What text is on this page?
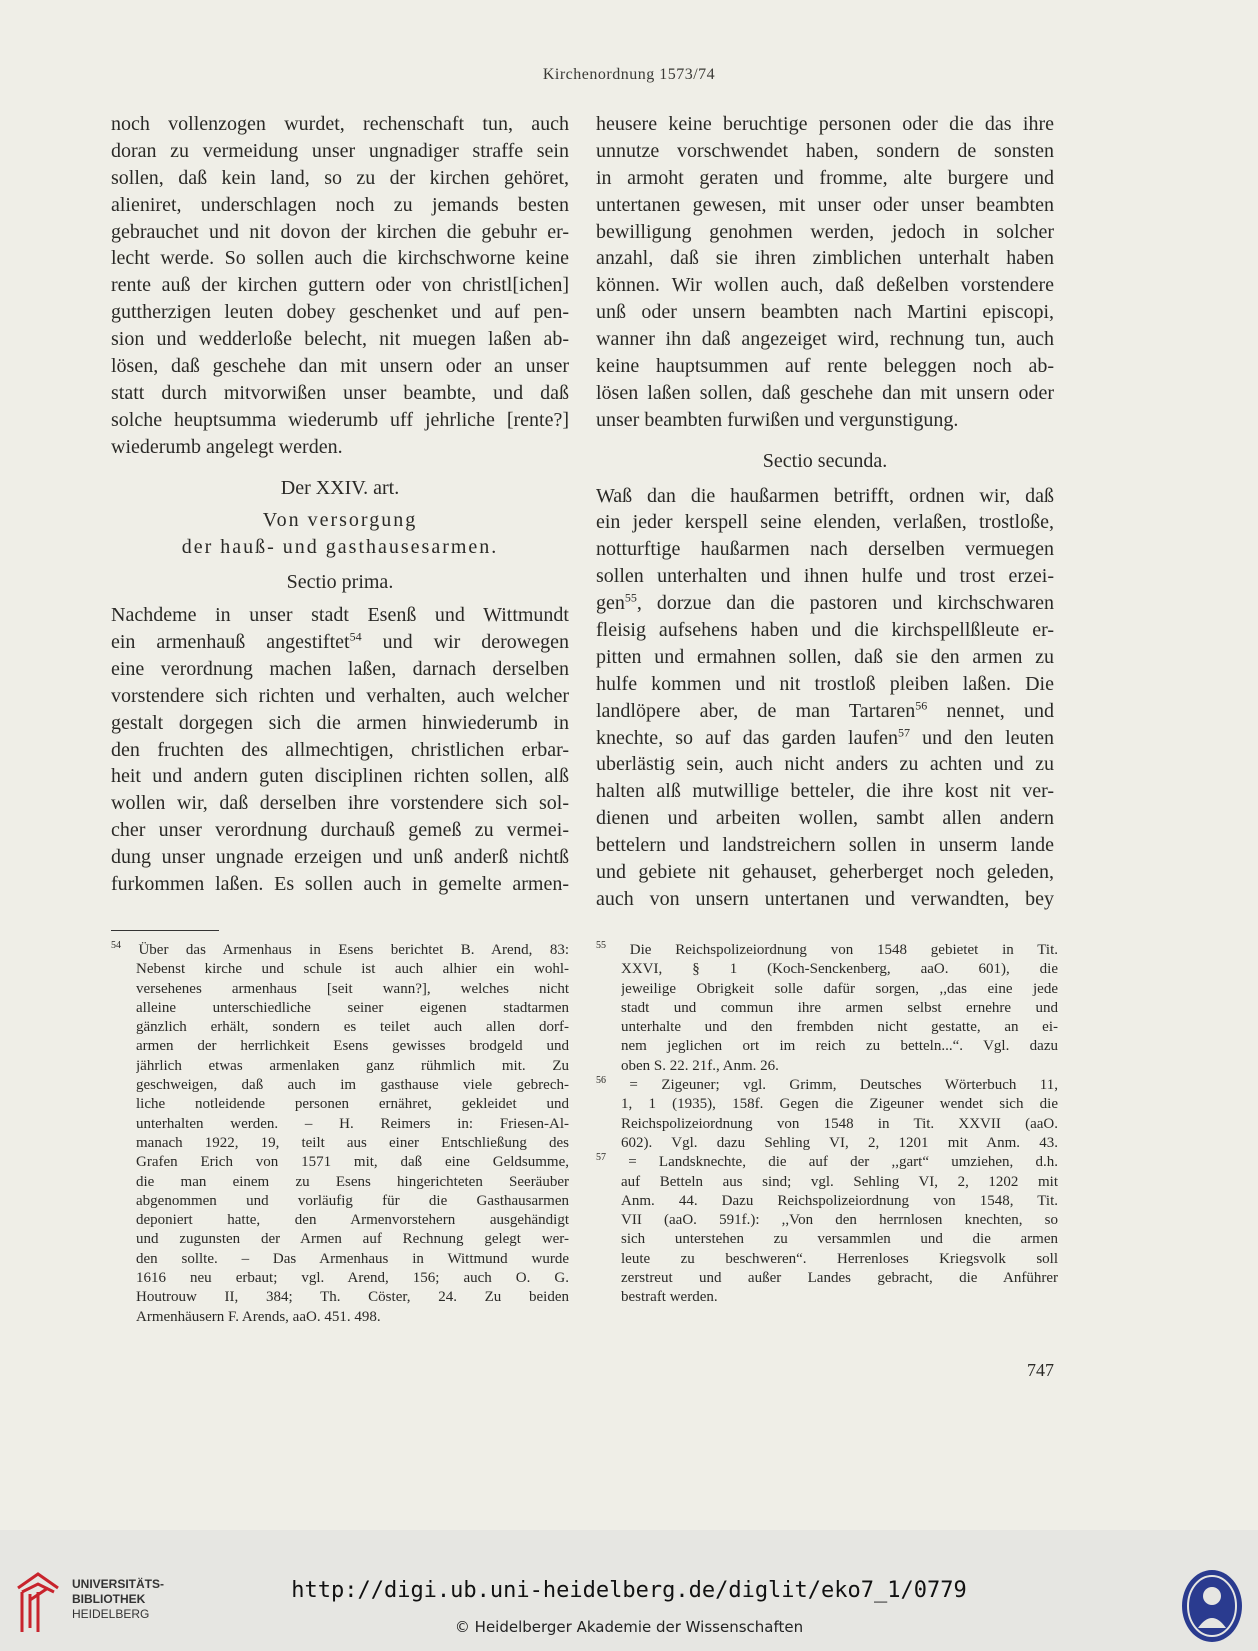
Kirchenordnung 1573/74
noch vollenzogen wurdet, rechenschaft tun, auch
doran zu vermeidung unser ungnadiger straffe sein
sollen, daß kein land, so zu der kirchen gehöret,
alieniret, underschlagen noch zu jemands besten
gebrauchet und nit dovon der kirchen die gebuhr er-
lecht werde. So sollen auch die kirchschworne keine
rente auß der kirchen guttern oder von christl[ichen]
guttherzigen leuten dobey geschenket und auf pen-
sion und wedderloße belecht, nit muegen laßen ab-
lösen, daß geschehe dan mit unsern oder an unser
statt durch mitvorwißen unser beambte, und daß
solche heuptsumma wiederumb uff jehrliche [rente?]
wiederumb angelegt werden.
Der XXIV. art.
Von versorgung
der hauß- und gasthausesarmen.
Sectio prima.
Nachdeme in unser stadt Esenß und Wittmundt
ein armenhauß angestiftet$^{54}$ und wir derowegen
eine verordnung machen laßen, darnach derselben
vorstendere sich richten und verhalten, auch welcher
gestalt dorgegen sich die armen hinwiederumb in
den fruchten des allmechtigen, christlichen erbar-
heit und andern guten disciplinen richten sollen, alß
wollen wir, daß derselben ihre vorstendere sich sol-
cher unser verordnung durchauß gemeß zu vermei-
dung unser ungnade erzeigen und unß anderß nichtß
furkommen laßen. Es sollen auch in gemelte armen-
heusere keine beruchtige personen oder die das ihre
unnutze vorschwendet haben, sondern de sonsten
in armoht geraten und fromme, alte burgere und
untertanen gewesen, mit unser oder unser beambten
bewilligung genohmen werden, jedoch in solcher
anzahl, daß sie ihren zimblichen unterhalt haben
können. Wir wollen auch, daß deßelben vorstendere
unß oder unsern beambten nach Martini episcopi,
wanner ihn daß angezeiget wird, rechnung tun, auch
keine hauptsummen auf rente beleggen noch ab-
lösen laßen sollen, daß geschehe dan mit unsern oder
unser beambten furwißen und vergunstigung.
Sectio secunda.
Waß dan die haußarmen betrifft, ordnen wir, daß
ein jeder kerspell seine elenden, verlaßen, trostloße,
notturftige haußarmen nach derselben vermuegen
sollen unterhalten und ihnen hulfe und trost erzei-
gen$^{55}$, dorzue dan die pastoren und kirchschwaren
fleisig aufsehens haben und die kirchspellßleute er-
pitten und ermahnen sollen, daß sie den armen zu
hulfe kommen und nit trostloß pleiben laßen. Die
landlöpere aber, de man Tartaren$^{56}$ nennet, und
knechte, so auf das garden laufen$^{57}$ und den leuten
uberlästig sein, auch nicht anders zu achten und zu
halten alß mutwillige betteler, die ihre kost nit ver-
dienen und arbeiten wollen, sambt allen andern
bettelern und landstreichern sollen in unserm lande
und gebiete nit gehauset, geherberget noch geleden,
auch von unsern untertanen und verwandten, bey
$^{54}$ Über das Armenhaus in Esens berichtet B. Arend, 83:
Nebenst kirche und schule ist auch alhier ein wohl-
versehenes armenhaus [seit wann?], welches nicht
alleine unterschiedliche seiner eigenen stadtarmen
gänzlich erhält, sondern es teilet auch allen dorf-
armen der herrlichkeit Esens gewisses brodgeld und
jährlich etwas armenlaken ganz rühmlich mit. Zu
geschweigen, daß auch im gasthause viele gebrech-
liche notleidende personen ernähret, gekleidet und
unterhalten werden. – H. Reimers in: Friesen-Al-
manach 1922, 19, teilt aus einer Entschließung des
Grafen Erich von 1571 mit, daß eine Geldsumme,
die man einem zu Esens hingerichteten Seeräuber
abgenommen und vorläufig für die Gasthausarmen
deponiert hatte, den Armenvorstehern ausgehändigt
und zugunsten der Armen auf Rechnung gelegt wer-
den sollte. – Das Armenhaus in Wittmund wurde
1616 neu erbaut; vgl. Arend, 156; auch O. G.
Houtrouw II, 384; Th. Cöster, 24. Zu beiden
Armenhäusern F. Arends, aaO. 451. 498.
$^{55}$ Die Reichspolizeiordnung von 1548 gebietet in Tit.
XXVI, § 1 (Koch-Senckenberg, aaO. 601), die
jeweilige Obrigkeit solle dafür sorgen, ,,das eine jede
stadt und commun ihre armen selbst ernehre und
unterhalte und den frembden nicht gestatte, an ei-
nem jeglichen ort im reich zu betteln...“. Vgl. dazu
oben S. 22. 21f., Anm. 26.
$^{56}$ = Zigeuner; vgl. Grimm, Deutsches Wörterbuch 11,
1, 1 (1935), 158f. Gegen die Zigeuner wendet sich die
Reichspolizeiordnung von 1548 in Tit. XXVII (aaO.
602). Vgl. dazu Sehling VI, 2, 1201 mit Anm. 43.
$^{57}$ = Landsknechte, die auf der ,,gart“ umziehen, d.h.
auf Betteln aus sind; vgl. Sehling VI, 2, 1202 mit
Anm. 44. Dazu Reichspolizeiordnung von 1548, Tit.
VII (aaO. 591f.): ,,Von den herrnlosen knechten, so
sich unterstehen zu versammlen und die armen
leute zu beschweren“. Herrenloses Kriegsvolk soll
zerstreut und außer Landes gebracht, die Anführer
bestraft werden.
747
UNIVERSITÄTS-
BIBLIOTHEK
HEIDELBERG
http://digi.ub.uni-heidelberg.de/diglit/eko7_1/0779
© Heidelberger Akademie der Wissenschaften
